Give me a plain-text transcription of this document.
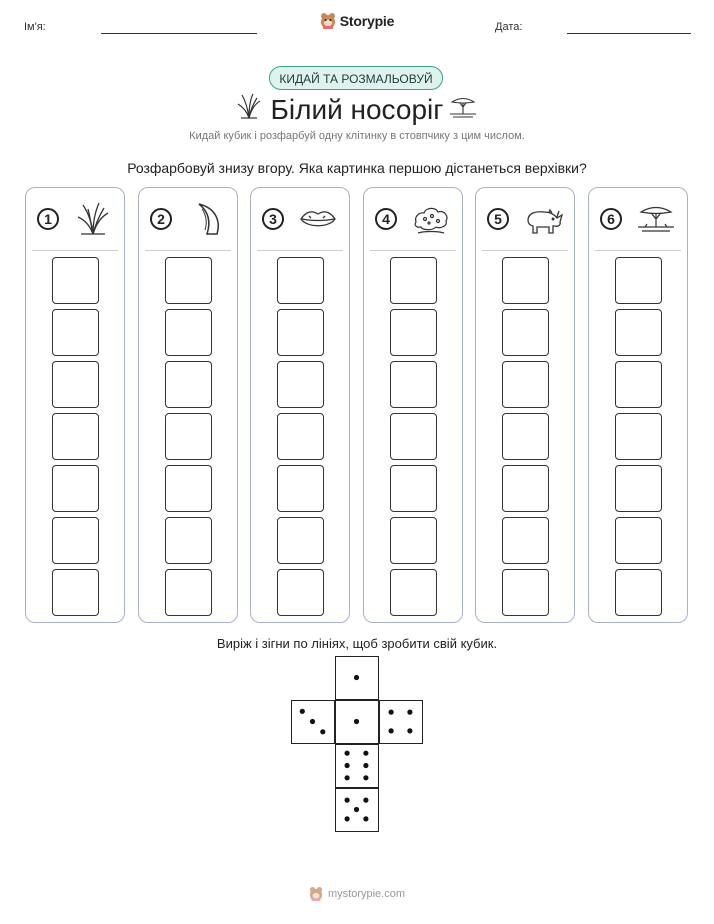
Ім'я:	Storypie	Дата:
КИДАЙ ТА РОЗМАЛЬОВУЙ
Білий носоріг
Кидай кубик і розфарбуй одну клітинку в стовпчику з цим числом.
Розфарбовуй знизу вгору. Яка картинка першою дістанеться верхівки?
1	2	3	4	5	6
Виріж і зігни по лініях, щоб зробити свій кубик.
mystorypie.com
